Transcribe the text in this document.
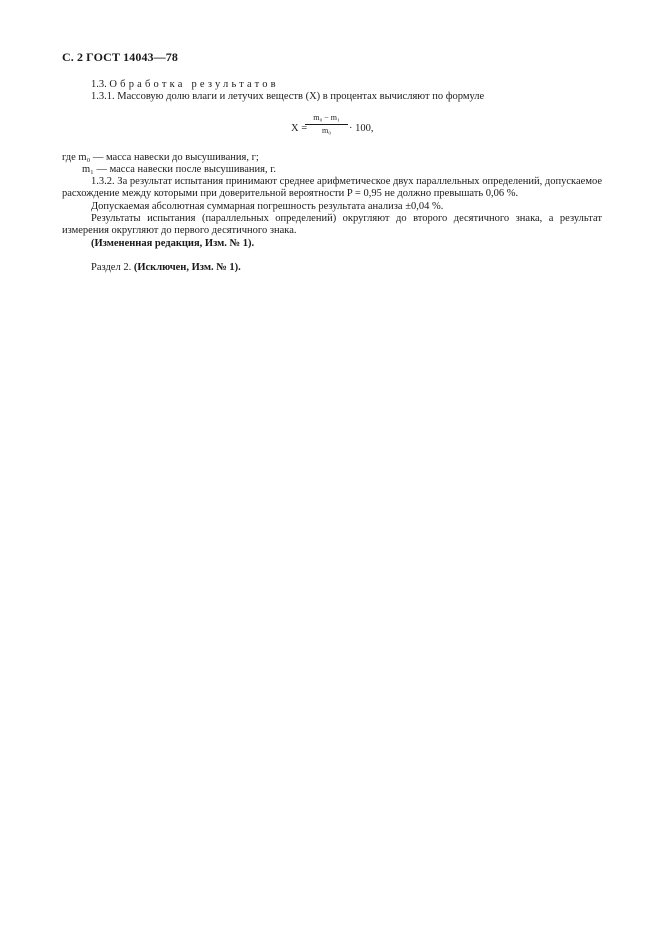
С. 2 ГОСТ 14043—78

1.3. Обработка результатов

1.3.1. Массовую долю влаги и летучих веществ (X) в процентах вычисляют по формуле

X =
$\frac{\text{m₀ − m₁}}{\text{m₀}} \cdot 100$,

где m₀ — масса навески до высушивания, г;

m₁ — масса навески после высушивания, г.

1.3.2. За результат испытания принимают среднее арифметическое двух параллельных определений, допускаемое расхождение между которыми при доверительной вероятности P = 0,95 не должно превышать 0,06 %.

Допускаемая абсолютная суммарная погрешность результата анализа ±0,04 %.

Результаты испытания (параллельных определений) округляют до второго десятичного знака, а результат измерения округляют до первого десятичного знака.

(Измененная редакция, Изм. № 1).

Раздел 2. (Исключен, Изм. № 1).
